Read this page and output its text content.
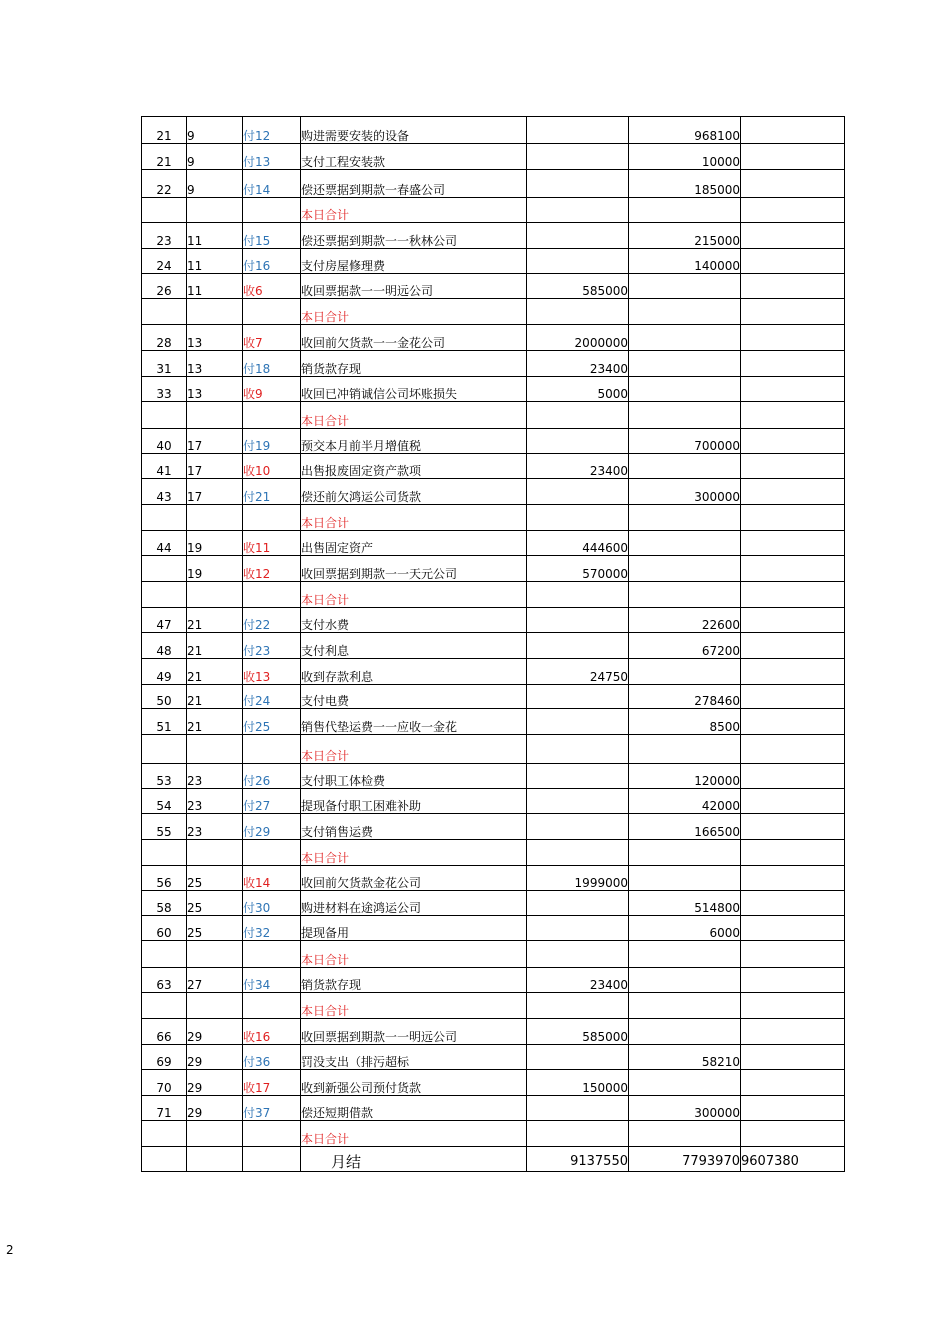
21	9	付12	购进需要安装的设备		968100	
21	9	付13	支付工程安装款		10000	
22	9	付14	偿还票据到期款一春盛公司		185000	
			本日合计			
23	11	付15	偿还票据到期款一一秋林公司		215000	
24	11	付16	支付房屋修理费		140000	
26	11	收6	收回票据款一一明远公司	585000		
			本日合计			
28	13	收7	收回前欠货款一一金花公司	2000000		
31	13	付18	销货款存现	23400		
33	13	收9	收回已冲销诚信公司坏账损失	5000		
			本日合计			
40	17	付19	预交本月前半月增值税		700000	
41	17	收10	出售报废固定资产款项	23400		
43	17	付21	偿还前欠鸿运公司货款		300000	
			本日合计			
44	19	收11	出售固定资产	444600		
	19	收12	收回票据到期款一一天元公司	570000		
			本日合计			
47	21	付22	支付水费		22600	
48	21	付23	支付利息		67200	
49	21	收13	收到存款利息	24750		
50	21	付24	支付电费		278460	
51	21	付25	销售代垫运费一一应收一金花		8500	
			本日合计			
53	23	付26	支付职工体检费		120000	
54	23	付27	提现备付职工困难补助		42000	
55	23	付29	支付销售运费		166500	
			本日合计			
56	25	收14	收回前欠货款金花公司	1999000		
58	25	付30	购进材料在途鸿运公司		514800	
60	25	付32	提现备用		6000	
			本日合计			
63	27	付34	销货款存现	23400		
			本日合计			
66	29	收16	收回票据到期款一一明远公司	585000		
69	29	付36	罚没支出（排污超标		58210	
70	29	收17	收到新强公司预付货款	150000		
71	29	付37	偿还短期借款		300000	
			本日合计			
			月结	9137550	7793970	9607380
2
